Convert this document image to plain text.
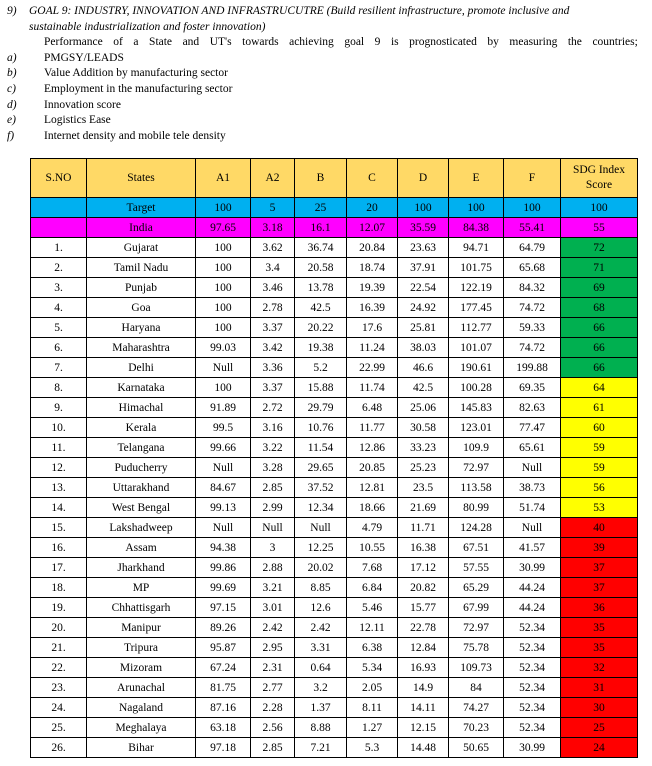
9) GOAL 9: INDUSTRY, INNOVATION AND INFRASTRUCUTRE (Build resilient infrastructure, promote inclusive and
sustainable industrialization and foster innovation)
Performance of a State and UT's towards achieving goal 9 is prognosticated by measuring the countries;
a) PMGSY/LEADS
b) Value Addition by manufacturing sector
c) Employment in the manufacturing sector
d) Innovation score
e) Logistics Ease
f)	Internet density and mobile tele density
S.NO	States	A1	A2	B	C	D	E	F	SDG Index
Score
	Target	100	5	25	20	100	100	100	100
	India	97.65	3.18	16.1	12.07	35.59	84.38	55.41	55
1.	Gujarat	100	3.62	36.74	20.84	23.63	94.71	64.79	72
2.	Tamil Nadu	100	3.4	20.58	18.74	37.91	101.75	65.68	71
3.	Punjab	100	3.46	13.78	19.39	22.54	122.19	84.32	69
4.	Goa	100	2.78	42.5	16.39	24.92	177.45	74.72	68
5.	Haryana	100	3.37	20.22	17.6	25.81	112.77	59.33	66
6.	Maharashtra	99.03	3.42	19.38	11.24	38.03	101.07	74.72	66
7.	Delhi	Null	3.36	5.2	22.99	46.6	190.61	199.88	66
8.	Karnataka	100	3.37	15.88	11.74	42.5	100.28	69.35	64
9.	Himachal	91.89	2.72	29.79	6.48	25.06	145.83	82.63	61
10.	Kerala	99.5	3.16	10.76	11.77	30.58	123.01	77.47	60
11.	Telangana	99.66	3.22	11.54	12.86	33.23	109.9	65.61	59
12.	Puducherry	Null	3.28	29.65	20.85	25.23	72.97	Null	59
13.	Uttarakhand	84.67	2.85	37.52	12.81	23.5	113.58	38.73	56
14.	West Bengal	99.13	2.99	12.34	18.66	21.69	80.99	51.74	53
15.	Lakshadweep	Null	Null	Null	4.79	11.71	124.28	Null	40
16.	Assam	94.38	3	12.25	10.55	16.38	67.51	41.57	39
17.	Jharkhand	99.86	2.88	20.02	7.68	17.12	57.55	30.99	37
18.	MP	99.69	3.21	8.85	6.84	20.82	65.29	44.24	37
19.	Chhattisgarh	97.15	3.01	12.6	5.46	15.77	67.99	44.24	36
20.	Manipur	89.26	2.42	2.42	12.11	22.78	72.97	52.34	35
21.	Tripura	95.87	2.95	3.31	6.38	12.84	75.78	52.34	35
22.	Mizoram	67.24	2.31	0.64	5.34	16.93	109.73	52.34	32
23.	Arunachal	81.75	2.77	3.2	2.05	14.9	84	52.34	31
24.	Nagaland	87.16	2.28	1.37	8.11	14.11	74.27	52.34	30
25.	Meghalaya	63.18	2.56	8.88	1.27	12.15	70.23	52.34	25
26.	Bihar	97.18	2.85	7.21	5.3	14.48	50.65	30.99	24
